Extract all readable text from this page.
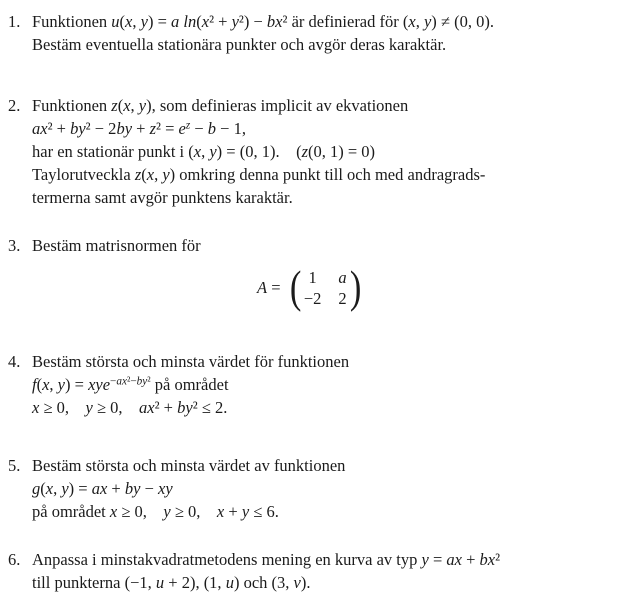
1. Funktionen u(x, y) = a ln(x² + y²) − bx² är definierad för (x, y) ≠ (0, 0).
Bestäm eventuella stationära punkter och avgör deras karaktär.
2. Funktionen z(x, y), som definieras implicit av ekvationen
$ax^2 + by^2 - 2by + z^2 = e^z - b - 1$,
har en stationär punkt i (x, y) = (0, 1). (z(0, 1) = 0)
Taylorutveckla z(x, y) omkring denna punkt till och med andragrads-
termerna samt avgör punktens karaktär.
3. Bestäm matrisnormen för
A = ( 1 a
−2 2 )
4. Bestäm största och minsta värdet för funktionen
f(x, y) = xye$^{-ax^2-by^2}$ på området
x ≥ 0, y ≥ 0, ax² + by² ≤ 2.
5. Bestäm största och minsta värdet av funktionen
g(x, y) = ax + by − xy
på området x ≥ 0, y ≥ 0, x + y ≤ 6.
6. Anpassa i minstakvadratmetodens mening en kurva av typ y = ax + bx²
till punkterna (−1, u + 2), (1, u) och (3, v).
